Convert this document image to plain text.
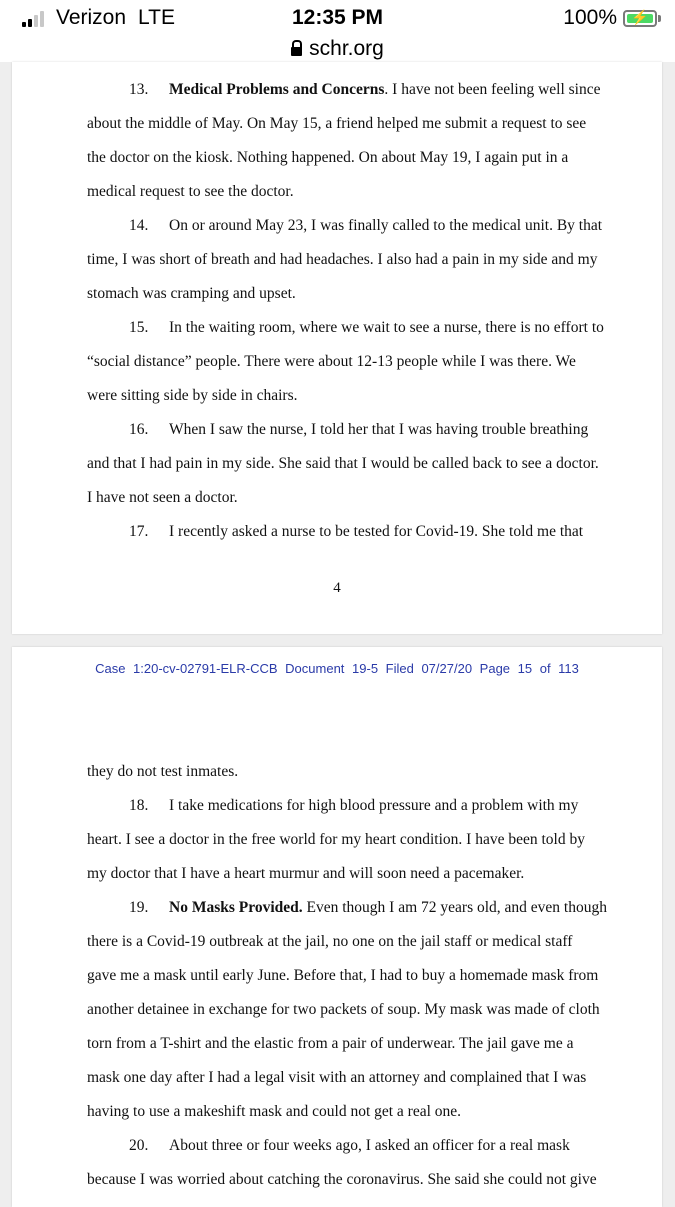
Verizon LTE	12:35 PM	100%	⚡
schr.org
13. Medical Problems and Concerns. I have not been feeling well since
about the middle of May. On May 15, a friend helped me submit a request to see
the doctor on the kiosk. Nothing happened. On about May 19, I again put in a
medical request to see the doctor.
14. On or around May 23, I was finally called to the medical unit. By that
time, I was short of breath and had headaches. I also had a pain in my side and my
stomach was cramping and upset.
15. In the waiting room, where we wait to see a nurse, there is no effort to
“social distance” people. There were about 12-13 people while I was there. We
were sitting side by side in chairs.
16. When I saw the nurse, I told her that I was having trouble breathing
and that I had pain in my side. She said that I would be called back to see a doctor.
I have not seen a doctor.
17. I recently asked a nurse to be tested for Covid-19. She told me that
4
Case 1:20-cv-02791-ELR-CCB Document 19-5 Filed 07/27/20 Page 15 of 113
they do not test inmates.
18. I take medications for high blood pressure and a problem with my
heart. I see a doctor in the free world for my heart condition. I have been told by
my doctor that I have a heart murmur and will soon need a pacemaker.
19. No Masks Provided. Even though I am 72 years old, and even though
there is a Covid-19 outbreak at the jail, no one on the jail staff or medical staff
gave me a mask until early June. Before that, I had to buy a homemade mask from
another detainee in exchange for two packets of soup. My mask was made of cloth
torn from a T-shirt and the elastic from a pair of underwear. The jail gave me a
mask one day after I had a legal visit with an attorney and complained that I was
having to use a makeshift mask and could not get a real one.
20. About three or four weeks ago, I asked an officer for a real mask
because I was worried about catching the coronavirus. She said she could not give
